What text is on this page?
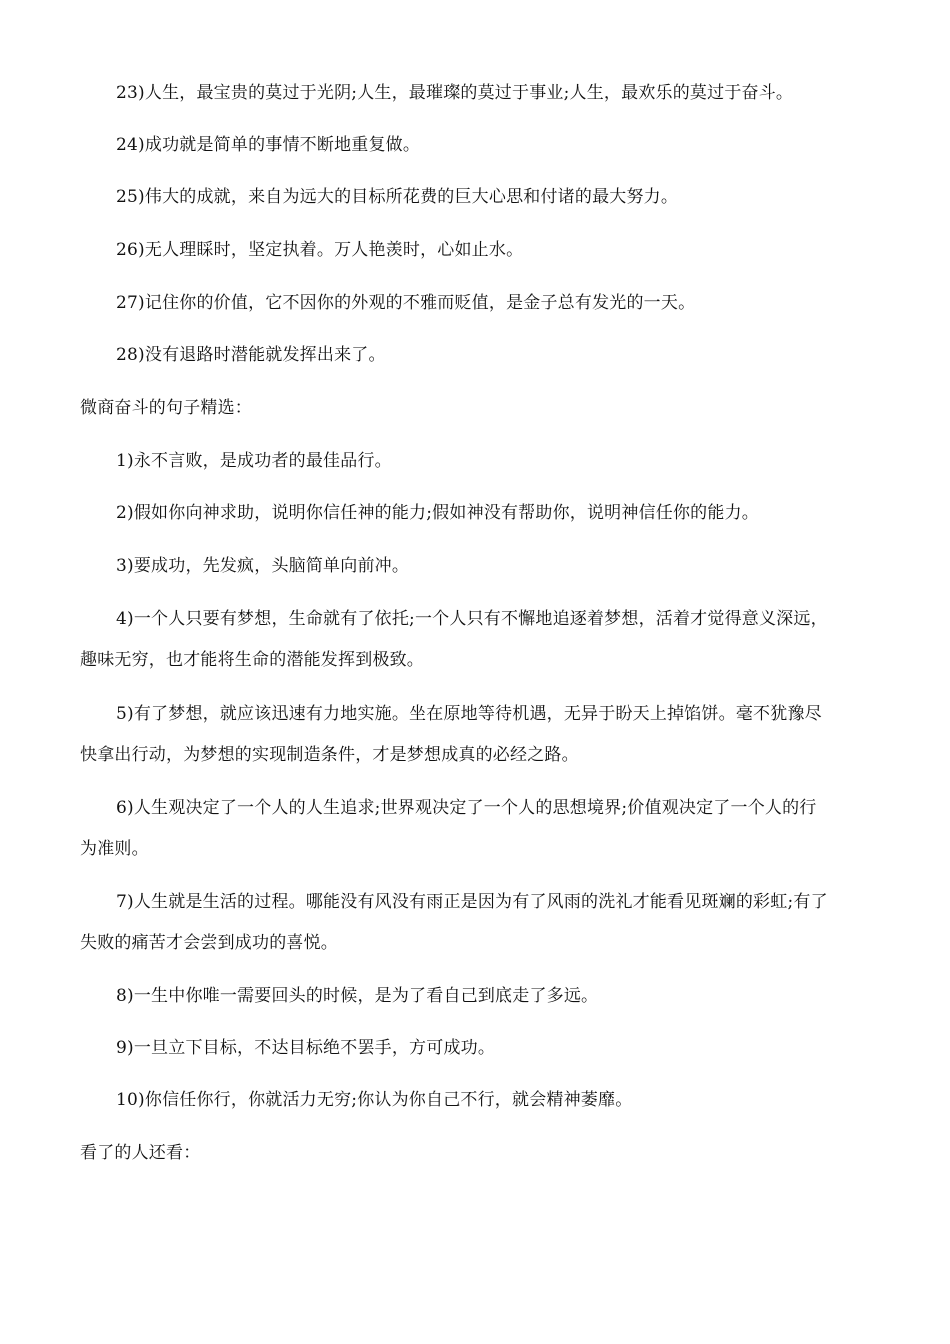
23)人生，最宝贵的莫过于光阴;人生，最璀璨的莫过于事业;人生，最欢乐的莫过于奋斗。
24)成功就是简单的事情不断地重复做。
25)伟大的成就，来自为远大的目标所花费的巨大心思和付诸的最大努力。
26)无人理睬时，坚定执着。万人艳羡时，心如止水。
27)记住你的价值，它不因你的外观的不雅而贬值，是金子总有发光的一天。
28)没有退路时潜能就发挥出来了。
微商奋斗的句子精选：
1)永不言败，是成功者的最佳品行。
2)假如你向神求助，说明你信任神的能力;假如神没有帮助你，说明神信任你的能力。
3)要成功，先发疯，头脑简单向前冲。
4)一个人只要有梦想，生命就有了依托;一个人只有不懈地追逐着梦想，活着才觉得意义深远，
趣味无穷，也才能将生命的潜能发挥到极致。
5)有了梦想，就应该迅速有力地实施。坐在原地等待机遇，无异于盼天上掉馅饼。毫不犹豫尽
快拿出行动，为梦想的实现制造条件，才是梦想成真的必经之路。
6)人生观决定了一个人的人生追求;世界观决定了一个人的思想境界;价值观决定了一个人的行
为准则。
7)人生就是生活的过程。哪能没有风没有雨正是因为有了风雨的洗礼才能看见斑斓的彩虹;有了
失败的痛苦才会尝到成功的喜悦。
8)一生中你唯一需要回头的时候，是为了看自己到底走了多远。
9)一旦立下目标，不达目标绝不罢手，方可成功。
10)你信任你行，你就活力无穷;你认为你自己不行，就会精神萎靡。
看了的人还看：
